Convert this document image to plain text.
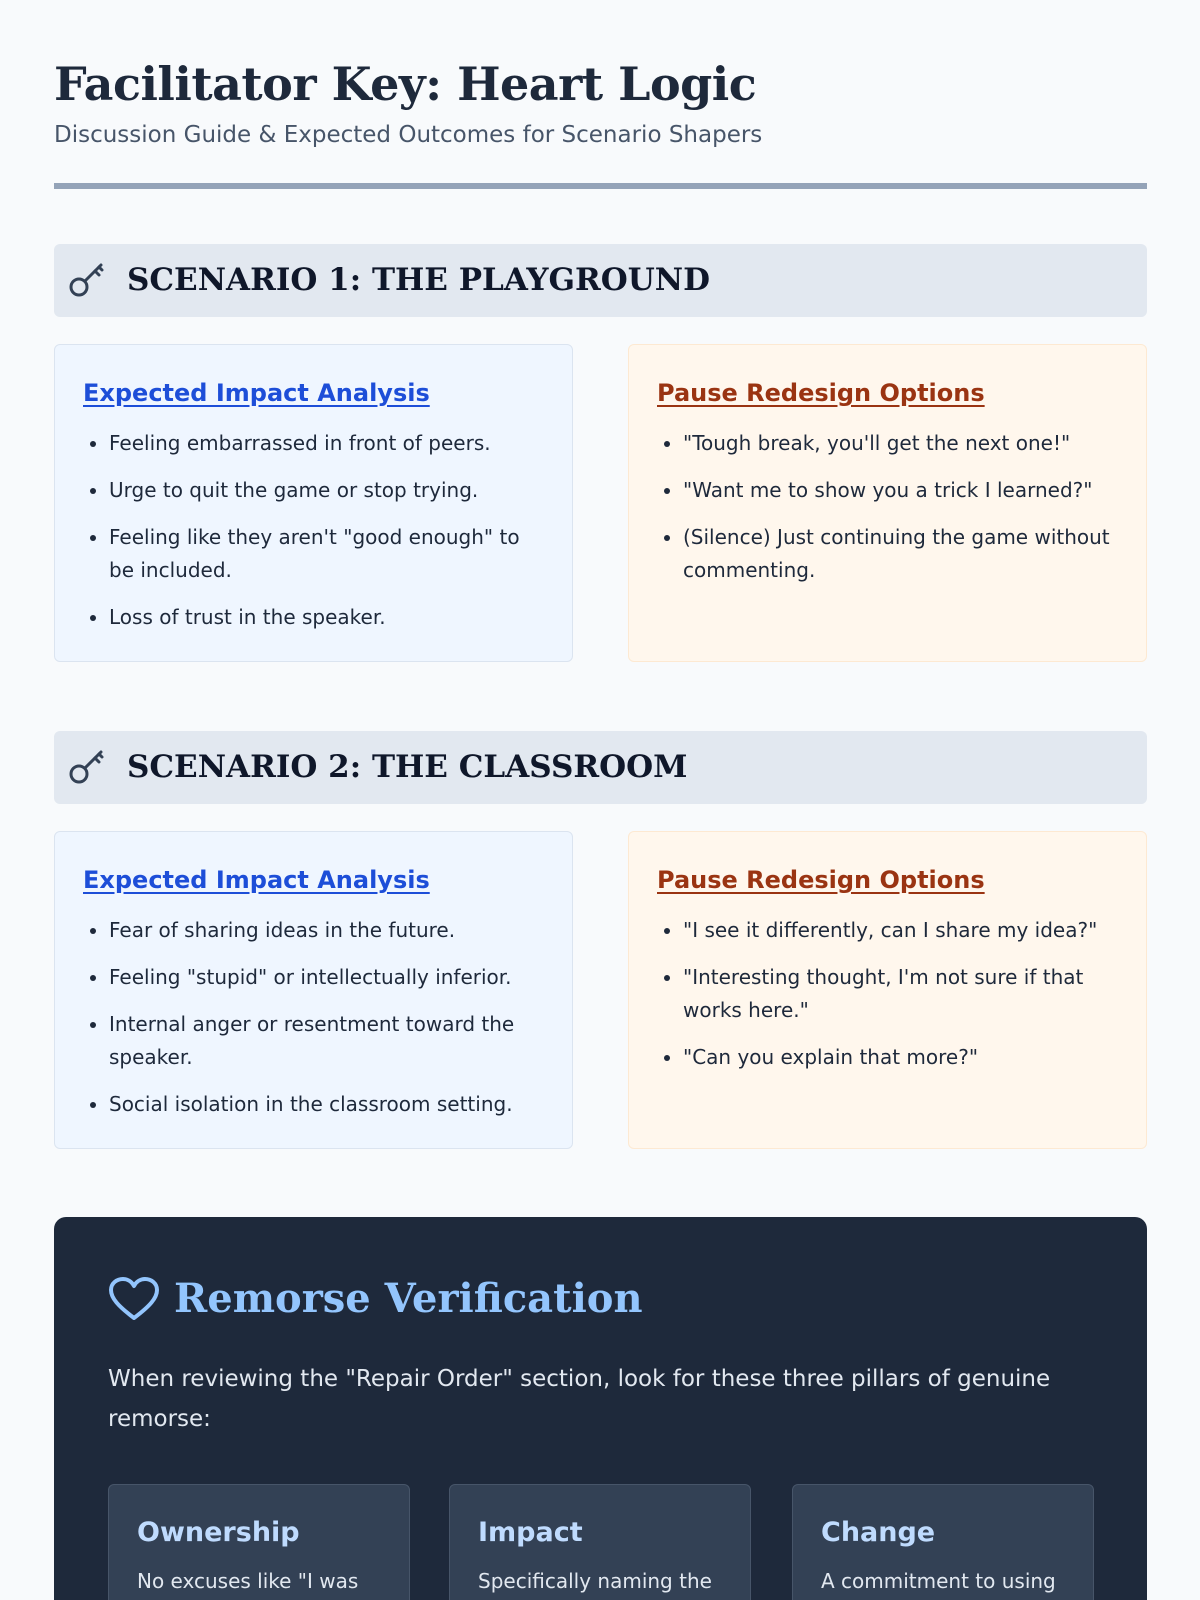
Facilitator Key: Heart Logic
Discussion Guide & Expected Outcomes for Scenario Shapers
SCENARIO 1: THE PLAYGROUND
Expected Impact Analysis
• Feeling embarrassed in front of peers.
• Urge to quit the game or stop trying.
• Feeling like they aren't "good enough" to be included.
• Loss of trust in the speaker.
Pause Redesign Options
• "Tough break, you'll get the next one!"
• "Want me to show you a trick I learned?"
• (Silence) Just continuing the game without commenting.
SCENARIO 2: THE CLASSROOM
Expected Impact Analysis
• Fear of sharing ideas in the future.
• Feeling "stupid" or intellectually inferior.
• Internal anger or resentment toward the speaker.
• Social isolation in the classroom setting.
Pause Redesign Options
• "I see it differently, can I share my idea?"
• "Interesting thought, I'm not sure if that works here."
• "Can you explain that more?"
Remorse Verification
When reviewing the "Repair Order" section, look for these three pillars of genuine remorse:
Ownership
No excuses like "I was
Impact
Specifically naming the
Change
A commitment to using
